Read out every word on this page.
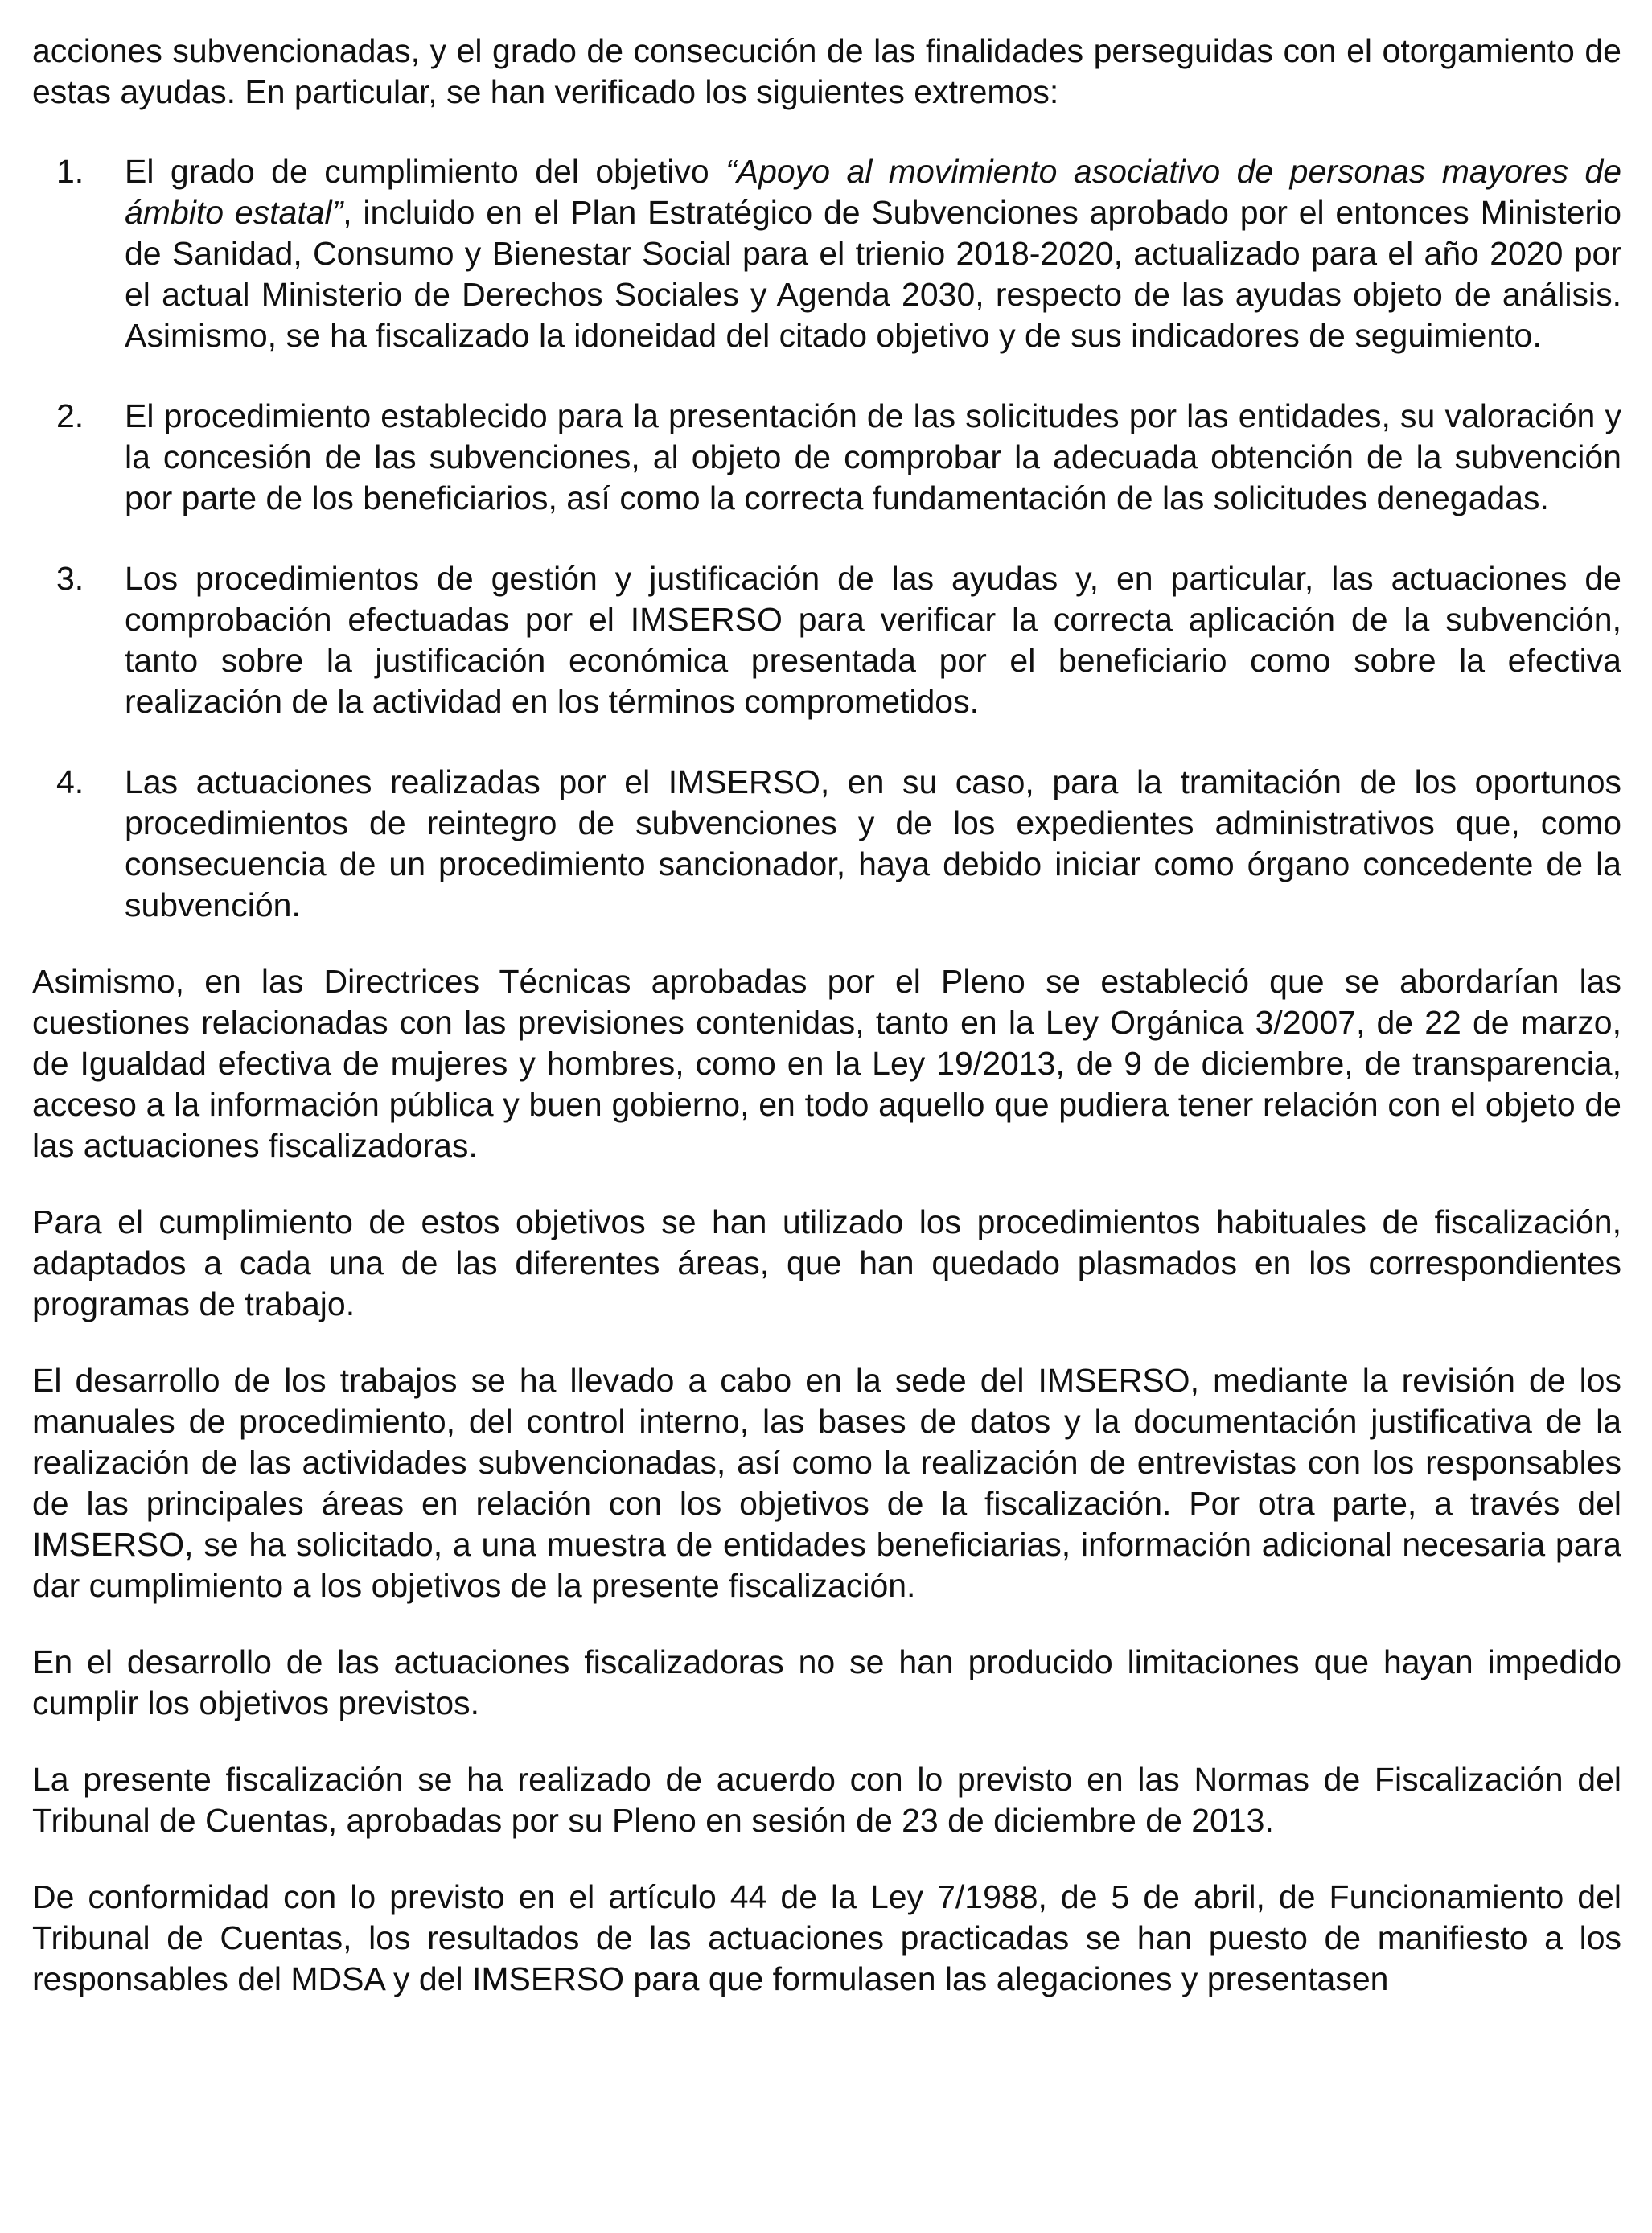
acciones subvencionadas, y el grado de consecución de las finalidades perseguidas con el otorgamiento de estas ayudas. En particular, se han verificado los siguientes extremos:

1. El grado de cumplimiento del objetivo “Apoyo al movimiento asociativo de personas mayores de ámbito estatal”, incluido en el Plan Estratégico de Subvenciones aprobado por el entonces Ministerio de Sanidad, Consumo y Bienestar Social para el trienio 2018-2020, actualizado para el año 2020 por el actual Ministerio de Derechos Sociales y Agenda 2030, respecto de las ayudas objeto de análisis. Asimismo, se ha fiscalizado la idoneidad del citado objetivo y de sus indicadores de seguimiento.
2. El procedimiento establecido para la presentación de las solicitudes por las entidades, su valoración y la concesión de las subvenciones, al objeto de comprobar la adecuada obtención de la subvención por parte de los beneficiarios, así como la correcta fundamentación de las solicitudes denegadas.
3. Los procedimientos de gestión y justificación de las ayudas y, en particular, las actuaciones de comprobación efectuadas por el IMSERSO para verificar la correcta aplicación de la subvención, tanto sobre la justificación económica presentada por el beneficiario como sobre la efectiva realización de la actividad en los términos comprometidos.
4. Las actuaciones realizadas por el IMSERSO, en su caso, para la tramitación de los oportunos procedimientos de reintegro de subvenciones y de los expedientes administrativos que, como consecuencia de un procedimiento sancionador, haya debido iniciar como órgano concedente de la subvención.

Asimismo, en las Directrices Técnicas aprobadas por el Pleno se estableció que se abordarían las cuestiones relacionadas con las previsiones contenidas, tanto en la Ley Orgánica 3/2007, de 22 de marzo, de Igualdad efectiva de mujeres y hombres, como en la Ley 19/2013, de 9 de diciembre, de transparencia, acceso a la información pública y buen gobierno, en todo aquello que pudiera tener relación con el objeto de las actuaciones fiscalizadoras.

Para el cumplimiento de estos objetivos se han utilizado los procedimientos habituales de fiscalización, adaptados a cada una de las diferentes áreas, que han quedado plasmados en los correspondientes programas de trabajo.

El desarrollo de los trabajos se ha llevado a cabo en la sede del IMSERSO, mediante la revisión de los manuales de procedimiento, del control interno, las bases de datos y la documentación justificativa de la realización de las actividades subvencionadas, así como la realización de entrevistas con los responsables de las principales áreas en relación con los objetivos de la fiscalización. Por otra parte, a través del IMSERSO, se ha solicitado, a una muestra de entidades beneficiarias, información adicional necesaria para dar cumplimiento a los objetivos de la presente fiscalización.

En el desarrollo de las actuaciones fiscalizadoras no se han producido limitaciones que hayan impedido cumplir los objetivos previstos.

La presente fiscalización se ha realizado de acuerdo con lo previsto en las Normas de Fiscalización del Tribunal de Cuentas, aprobadas por su Pleno en sesión de 23 de diciembre de 2013.

De conformidad con lo previsto en el artículo 44 de la Ley 7/1988, de 5 de abril, de Funcionamiento del Tribunal de Cuentas, los resultados de las actuaciones practicadas se han puesto de manifiesto a los responsables del MDSA y del IMSERSO para que formulasen las alegaciones y presentasen
